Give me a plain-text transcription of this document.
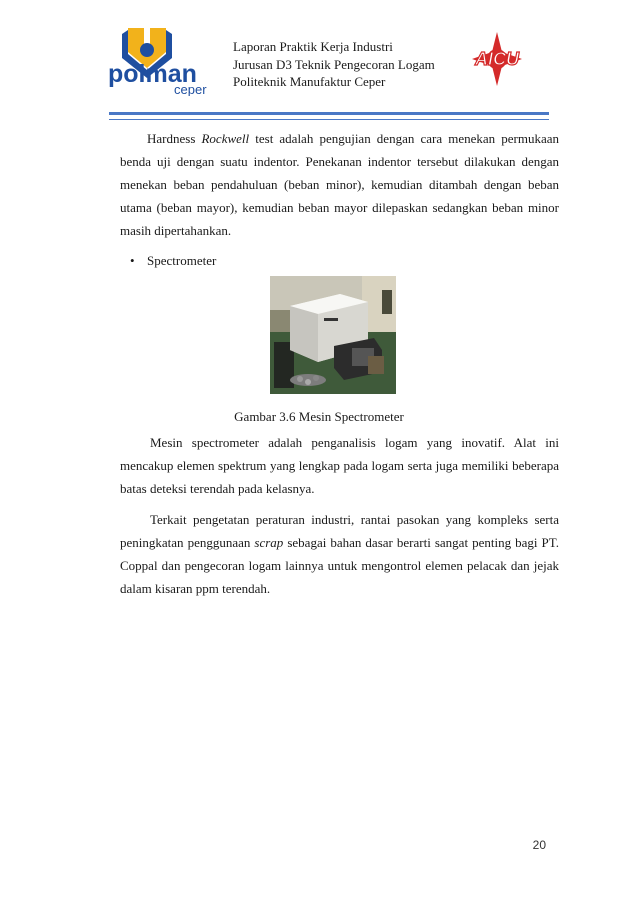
polman
ceper
Laporan Praktik Kerja Industri
Jurusan D3 Teknik Pengecoran Logam
Politeknik Manufaktur Ceper
AICU

Hardness Rockwell test adalah pengujian dengan cara menekan permukaan benda uji dengan suatu indentor. Penekanan indentor tersebut dilakukan dengan menekan beban pendahuluan (beban minor), kemudian ditambah dengan beban utama (beban mayor), kemudian beban mayor dilepaskan sedangkan beban minor masih dipertahankan.

• Spectrometer
Gambar 3.6 Mesin Spectrometer

Mesin spectrometer adalah penganalisis logam yang inovatif. Alat ini mencakup elemen spektrum yang lengkap pada logam serta juga memiliki beberapa batas deteksi terendah pada kelasnya.

Terkait pengetatan peraturan industri, rantai pasokan yang kompleks serta peningkatan penggunaan scrap sebagai bahan dasar berarti sangat penting bagi PT. Coppal dan pengecoran logam lainnya untuk mengontrol elemen pelacak dan jejak dalam kisaran ppm terendah.

20
